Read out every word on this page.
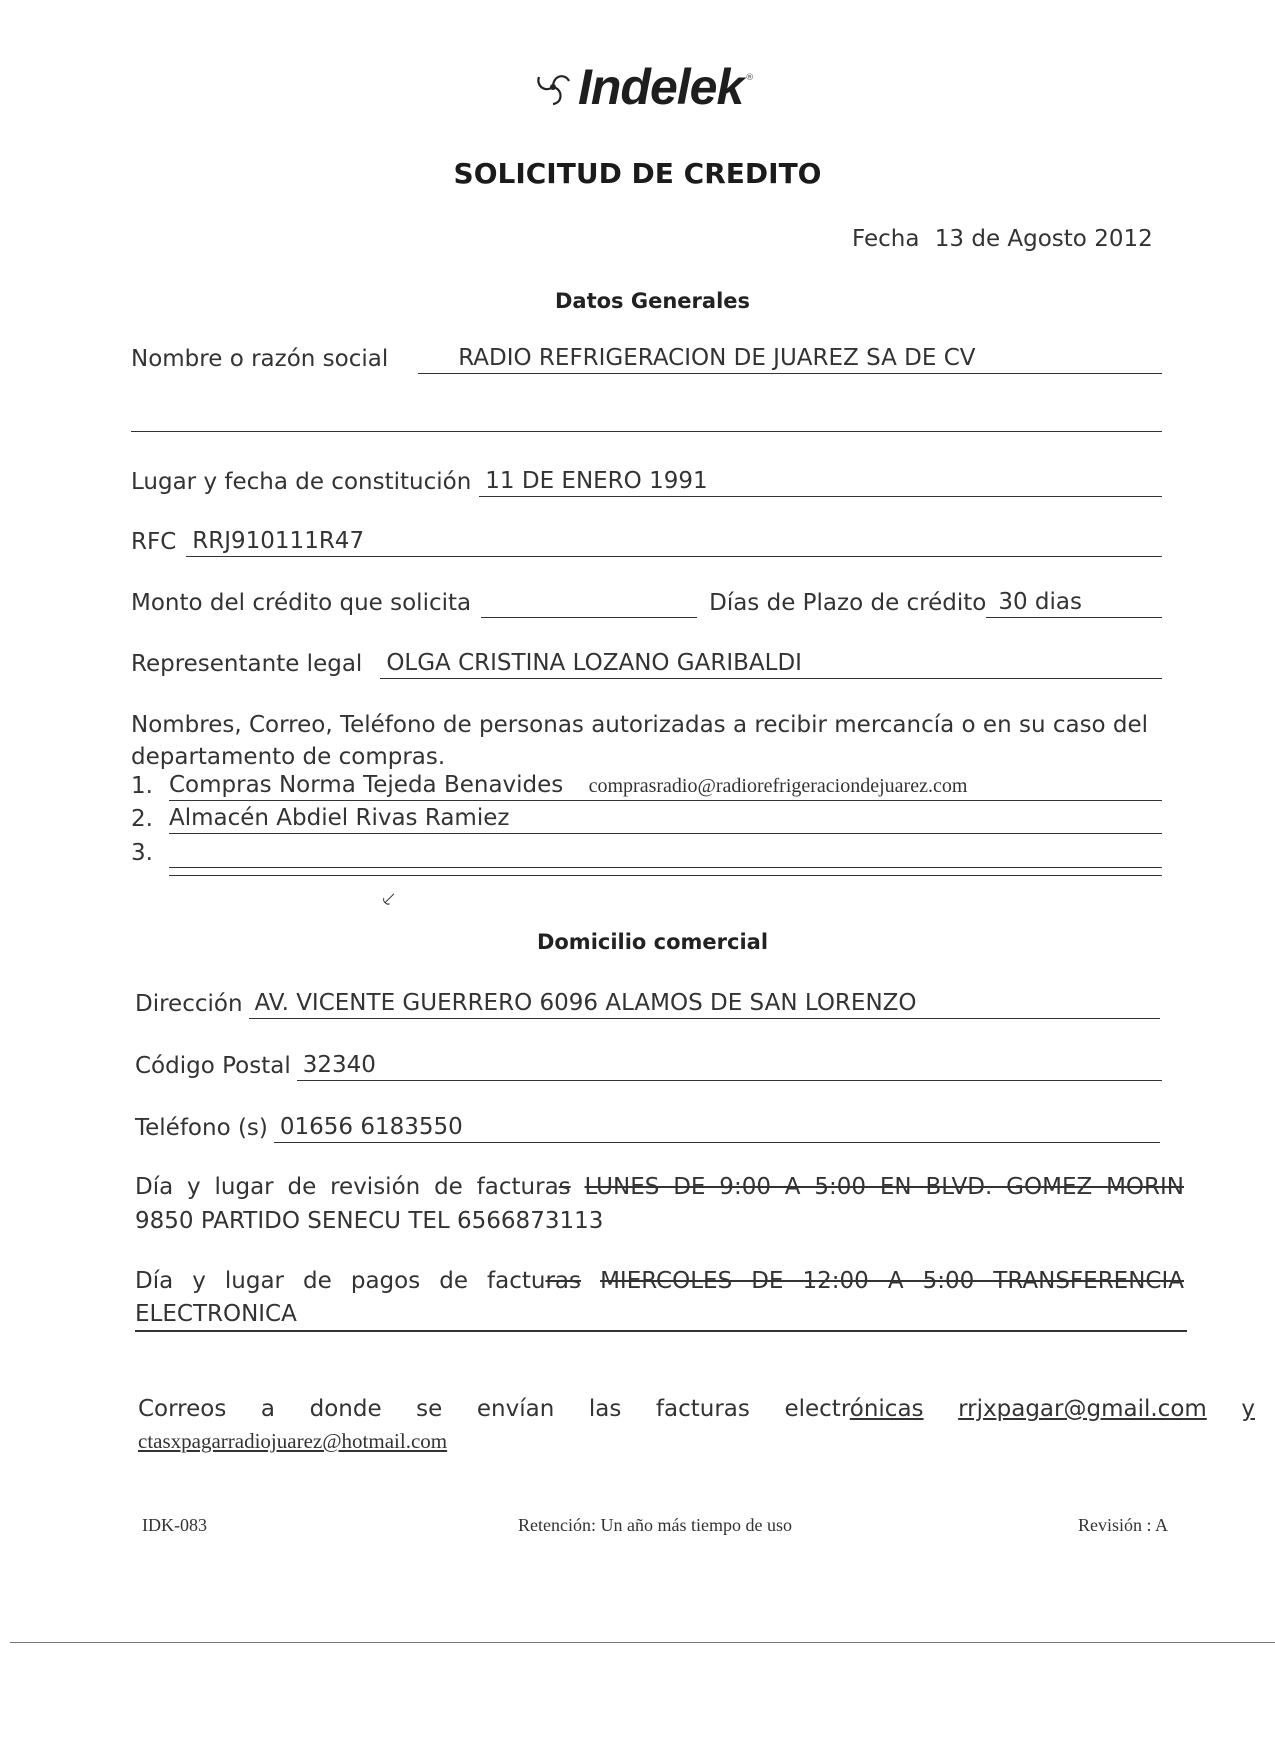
Indelek ®
SOLICITUD DE CREDITO
Fecha 13 de Agosto 2012
Datos Generales
Nombre o razón social	RADIO REFRIGERACION DE JUAREZ SA DE CV
Lugar y fecha de constitución 11 DE ENERO 1991
RFC RRJ910111R47
Monto del crédito que solicita	Días de Plazo de crédito 30 dias
Representante legal OLGA CRISTINA LOZANO GARIBALDI
Nombres, Correo, Teléfono de personas autorizadas a recibir mercancía o en su caso del departamento de compras.
1. Compras Norma Tejeda Benavides comprasradio@radiorefrigeraciondejuarez.com
2. Almacén Abdiel Rivas Ramiez
3.
⸔
Domicilio comercial
Dirección AV. VICENTE GUERRERO 6096 ALAMOS DE SAN LORENZO
Código Postal 32340
Teléfono (s) 01656 6183550
Día y lugar de revisión de facturas LUNES DE 9:00 A 5:00 EN BLVD. GOMEZ MORIN
9850 PARTIDO SENECU TEL 6566873113
Día y lugar de pagos de facturas MIERCOLES DE 12:00 A 5:00 TRANSFERENCIA
ELECTRONICA
Correos a donde se envían las facturas electrónicas rrjxpagar@gmail.com y
ctasxpagarradiojuarez@hotmail.com
IDK-083	Retención: Un año más tiempo de uso	Revisión : A
